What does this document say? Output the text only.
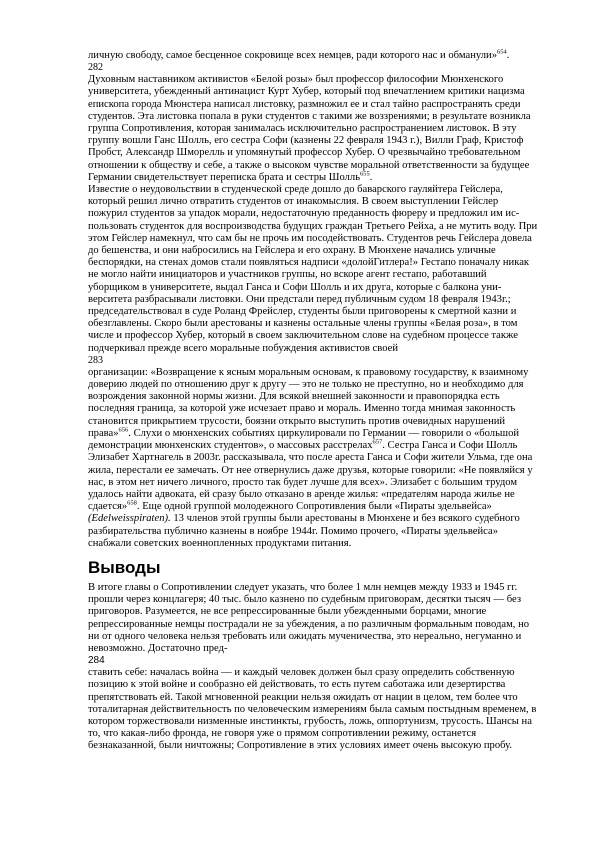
личную свободу, самое бесценное сокровище всех немцев, ради которого нас и обманули»$^{654}$.

282

Духовным наставником активистов «Белой розы» был профессор философии Мюнхенского университета, убежденный антинацист Курт Хубер, который под впечатлением критики нацизма епископа города Мюнстера написал листовку, размножил ее и стал тайно распространять среди студентов. Эта листовка попала в руки студентов с такими же воззрениями; в результате возникла группа Сопротивления, которая занималась исключительно распространением листовок. В эту группу вошли Ганс Шолль, его сестра Софи (казнены 22 февраля 1943 г.), Вилли Граф, Кристоф Пробст, Александр Шморелль и упомянутый профессор Хубер. О чрезвычайно требовательном отношении к обществу и себе, а также о высоком чувстве моральной ответственности за будущее Германии свидетельствует переписка брата и сестры Шолль$^{655}$.

Известие о неудовольствии в студенческой среде дошло до баварского гауляйтера Гейслера, который решил лично отвратить студентов от инакомыслия. В своем выступлении Гейслер пожурил студентов за упадок морали, недостаточную преданность фюреру и предложил им ис-пользовать студенток для воспроизводства будущих граждан Третьего Рейха, а не мутить воду. При этом Гейслер намекнул, что сам бы не прочь им посодействовать. Студентов речь Гейслера довела до бешенства, и они набросились на Гейслера и его охрану. В Мюнхене начались уличные беспорядки, на стенах домов стали появляться надписи «долойГитлера!» Гестапо поначалу никак не могло найти инициаторов и участников группы, но вскоре агент гестапо, работавший уборщиком в университете, выдал Ганса и Софи Шолль и их друга, которые с балкона уни-верситета разбрасывали листовки. Они предстали перед публичным судом 18 февраля 1943г.; председательствовал в суде Роланд Фрейслер, студенты были приговорены к смертной казни и обезглавлены. Скоро были арестованы и казнены остальные члены группы «Белая роза», в том числе и профессор Хубер, который в своем заключительном слове на судебном процессе также подчеркивал прежде всего моральные побуждения активистов своей

283

организации: «Возвращение к ясным моральным основам, к правовому государству, к взаимному доверию людей по отношению друг к другу — это не только не преступно, но и необходимо для возрождения законной нормы жизни. Для всякой внешней законности и правопорядка есть последняя граница, за которой уже исчезает право и мораль. Именно тогда мнимая законность становится прикрытием трусости, боязни открыто выступить против очевидных нарушений права»$^{656}$. Слухи о мюнхенских событиях циркулировали по Германии — говорили о «большой демонстрации мюнхенских студентов», о массовых расстрелах$^{657}$. Сестра Ганса и Софи Шолль Элизабет Хартнагель в 2003г. рассказывала, что после ареста Ганса и Софи жители Ульма, где она жила, перестали ее замечать. От нее отвернулись даже друзья, которые говорили: «Не появляйся у нас, в этом нет ничего личного, просто так будет лучше для всех». Элизабет с большим трудом удалось найти адвоката, ей сразу было отказано в аренде жилья: «предателям народа жилье не сдается»$^{658}$. Еще одной группой молодежного Сопротивления были «Пираты эдельвейса» (Edelweisspiraten). 13 членов этой группы были арестованы в Мюнхене и без всякого судебного разбирательства публично казнены в ноябре 1944г. Помимо прочего, «Пираты эдельвейса» снабжали советских военнопленных продуктами питания.

Выводы

В итоге главы о Сопротивлении следует указать, что более 1 млн немцев между 1933 и 1945 гг. прошли через концлагеря; 40 тыс. было казнено по судебным приговорам, десятки тысяч — без приговоров. Разумеется, не все репрессированные были убежденными борцами, многие репрессированные немцы пострадали не за убеждения, а по различным формальным поводам, но ни от одного человека нельзя требовать или ожидать мученичества, это нереально, негуманно и невозможно. Достаточно пред-

284

ставить себе: началась война — и каждый человек должен был сразу определить собственную позицию к этой войне и сообразно ей действовать, то есть путем саботажа или дезертирства препятствовать ей. Такой мгновенной реакции нельзя ожидать от нации в целом, тем более что тоталитарная действительность по человеческим измерениям была самым постыдным временем, в котором торжествовали низменные инстинкты, грубость, ложь, оппортунизм, трусость. Шансы на то, что какая-либо фронда, не говоря уже о прямом сопротивлении режиму, останется безнаказанной, были ничтожны; Сопротивление в этих условиях имеет очень высокую пробу.
